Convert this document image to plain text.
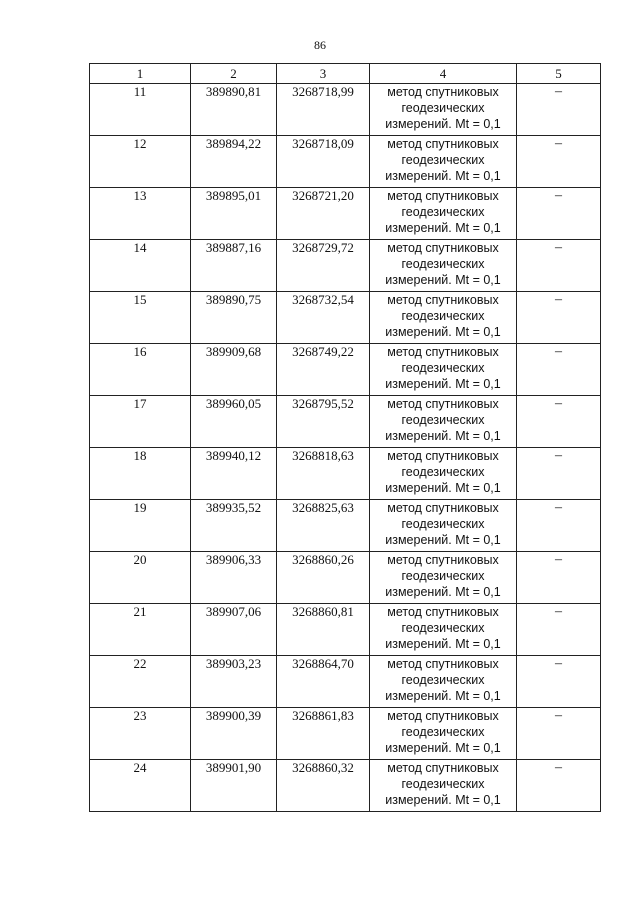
86
1	2	3	4	5
11	389890,81	3268718,99	метод спутниковых
геодезических
измерений. Mt = 0,1	–
12	389894,22	3268718,09	метод спутниковых
геодезических
измерений. Mt = 0,1	–
13	389895,01	3268721,20	метод спутниковых
геодезических
измерений. Mt = 0,1	–
14	389887,16	3268729,72	метод спутниковых
геодезических
измерений. Mt = 0,1	–
15	389890,75	3268732,54	метод спутниковых
геодезических
измерений. Mt = 0,1	–
16	389909,68	3268749,22	метод спутниковых
геодезических
измерений. Mt = 0,1	–
17	389960,05	3268795,52	метод спутниковых
геодезических
измерений. Mt = 0,1	–
18	389940,12	3268818,63	метод спутниковых
геодезических
измерений. Mt = 0,1	–
19	389935,52	3268825,63	метод спутниковых
геодезических
измерений. Mt = 0,1	–
20	389906,33	3268860,26	метод спутниковых
геодезических
измерений. Mt = 0,1	–
21	389907,06	3268860,81	метод спутниковых
геодезических
измерений. Mt = 0,1	–
22	389903,23	3268864,70	метод спутниковых
геодезических
измерений. Mt = 0,1	–
23	389900,39	3268861,83	метод спутниковых
геодезических
измерений. Mt = 0,1	–
24	389901,90	3268860,32	метод спутниковых
геодезических
измерений. Mt = 0,1	–
